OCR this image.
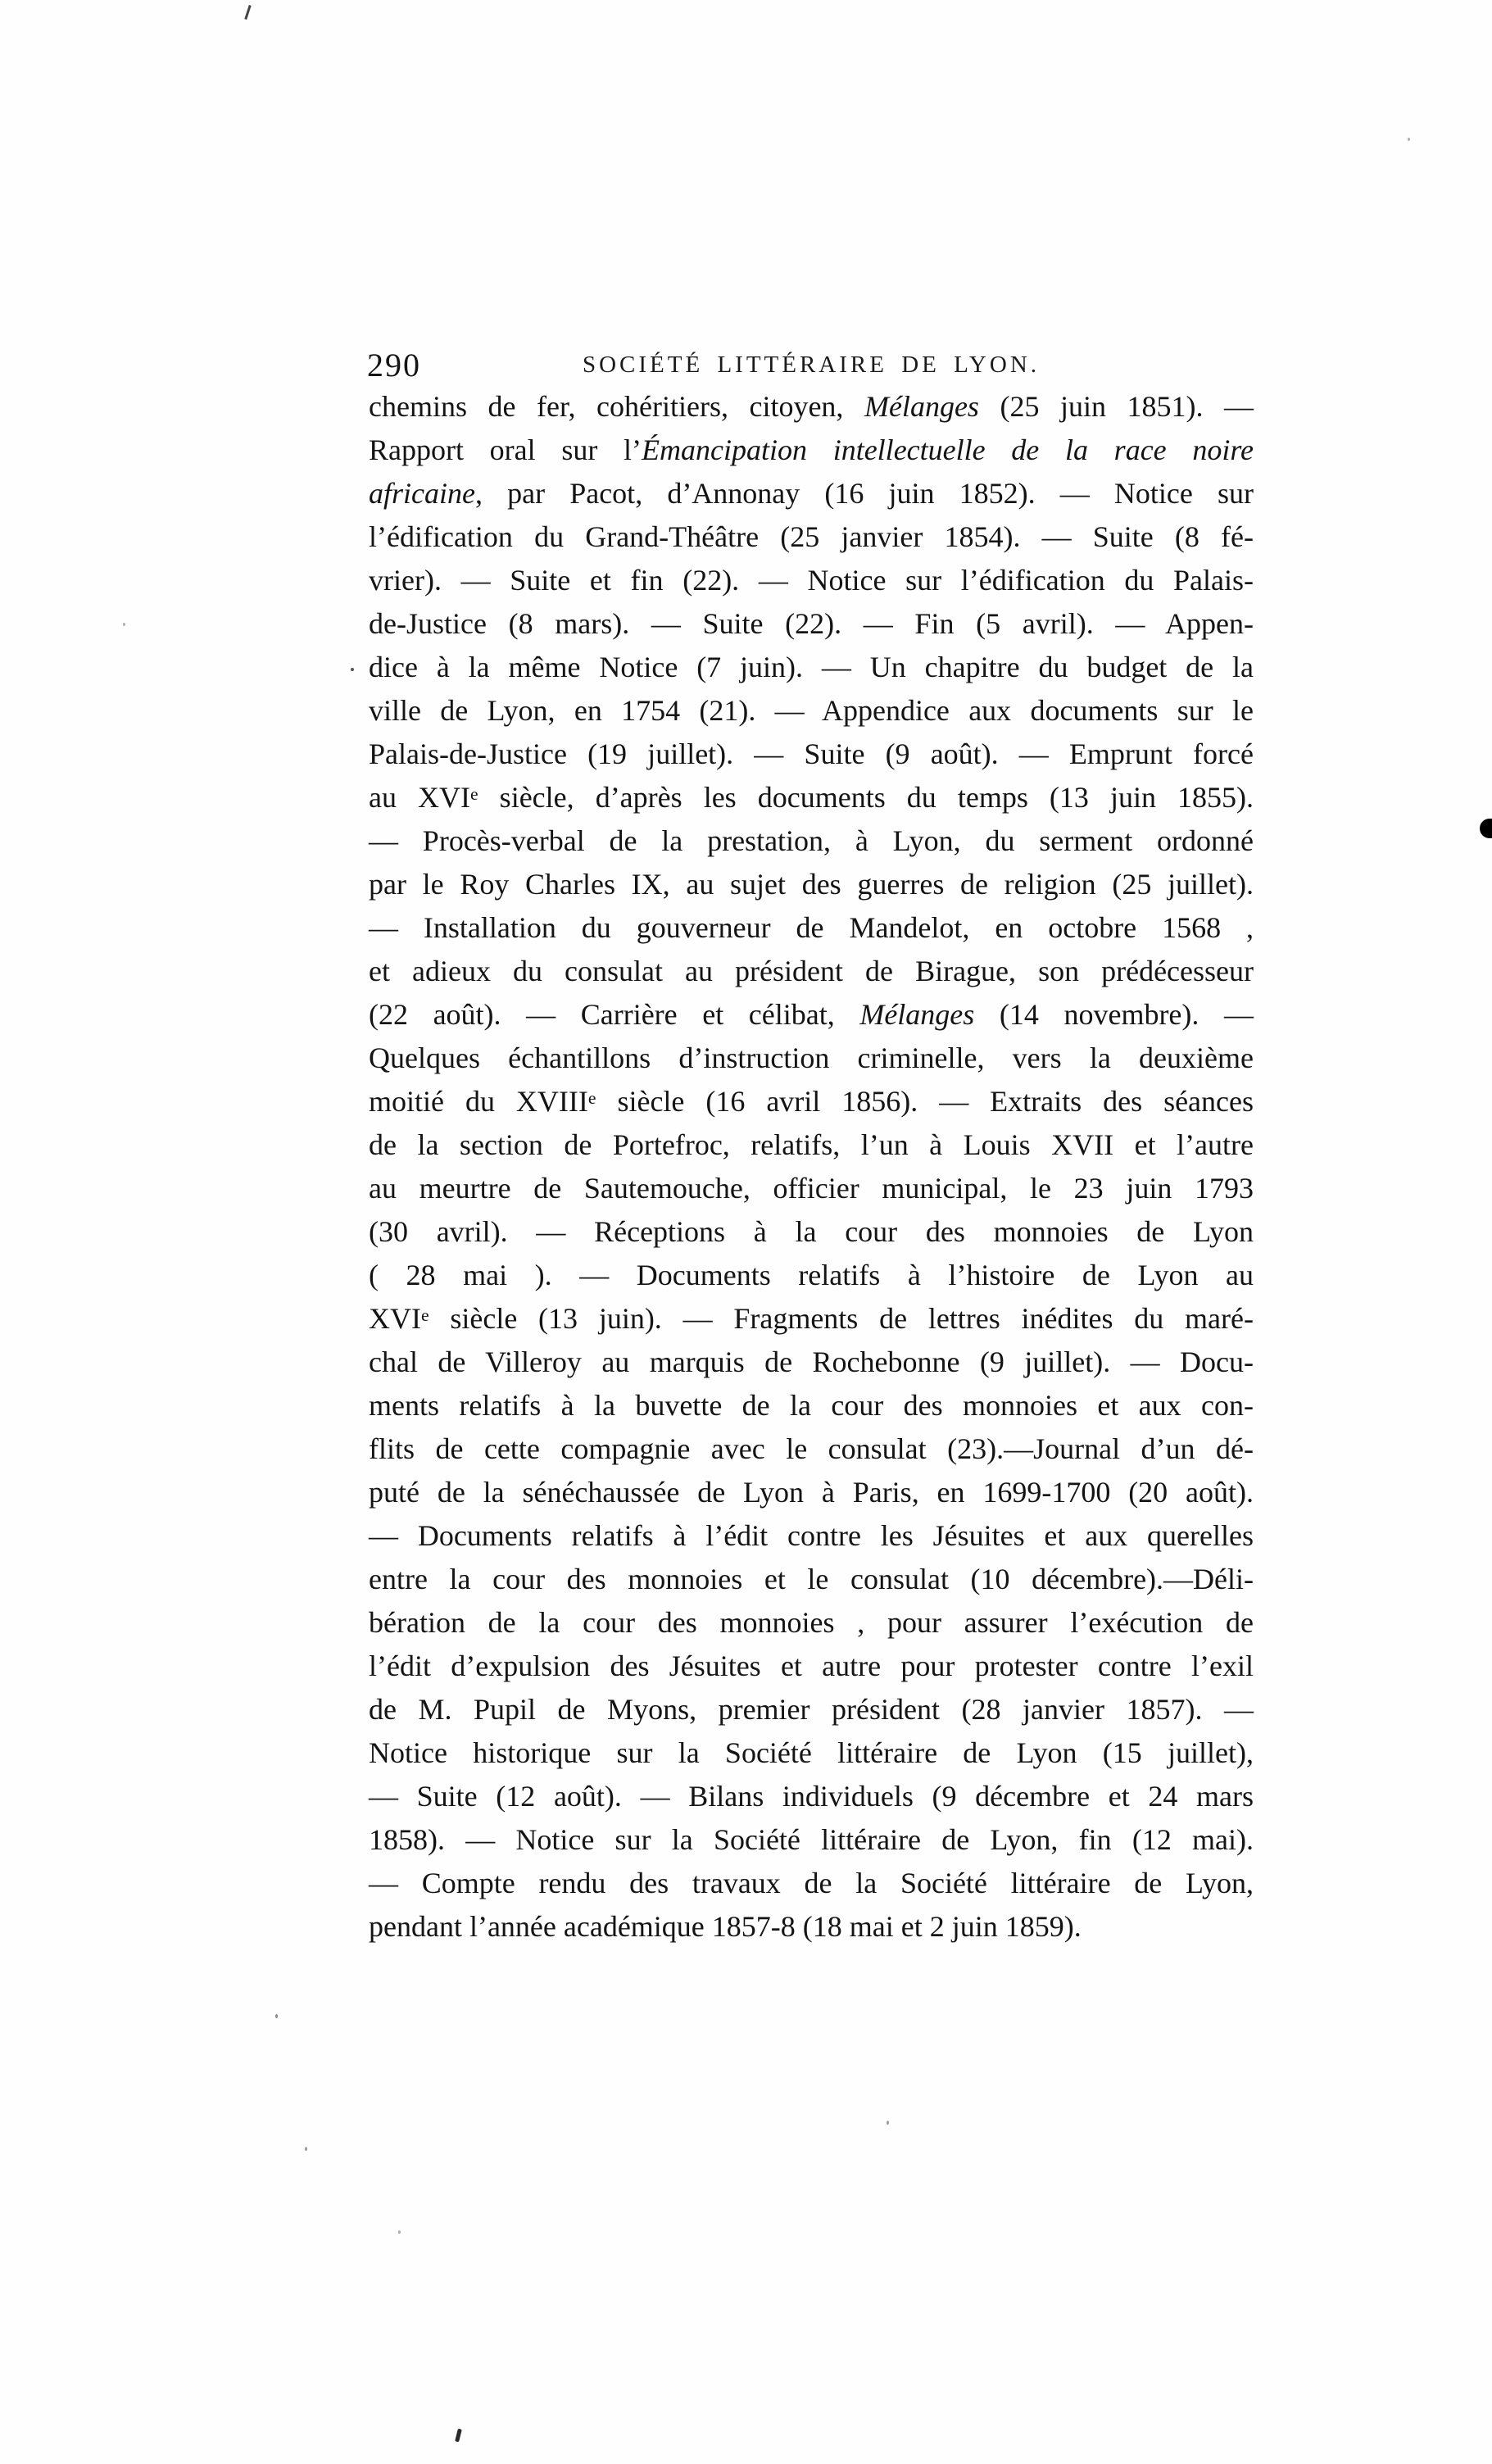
290	SOCIÉTÉ LITTÉRAIRE DE LYON.
chemins de fer, cohéritiers, citoyen, Mélanges (25 juin 1851). —
Rapport oral sur l’Émancipation intellectuelle de la race noire
africaine, par Pacot, d’Annonay (16 juin 1852). — Notice sur
l’édification du Grand-Théâtre (25 janvier 1854). — Suite (8 fé-
vrier). — Suite et fin (22). — Notice sur l’édification du Palais-
de-Justice (8 mars). — Suite (22). — Fin (5 avril). — Appen-
dice à la même Notice (7 juin). — Un chapitre du budget de la
ville de Lyon, en 1754 (21). — Appendice aux documents sur le
Palais-de-Justice (19 juillet). — Suite (9 août). — Emprunt forcé
au XVIe siècle, d’après les documents du temps (13 juin 1855).
— Procès-verbal de la prestation, à Lyon, du serment ordonné
par le Roy Charles IX, au sujet des guerres de religion (25 juillet).
— Installation du gouverneur de Mandelot, en octobre 1568 ,
et adieux du consulat au président de Birague, son prédécesseur
(22 août). — Carrière et célibat, Mélanges (14 novembre). —
Quelques échantillons d’instruction criminelle, vers la deuxième
moitié du XVIIIe siècle (16 avril 1856). — Extraits des séances
de la section de Portefroc, relatifs, l’un à Louis XVII et l’autre
au meurtre de Sautemouche, officier municipal, le 23 juin 1793
(30 avril). — Réceptions à la cour des monnoies de Lyon
( 28 mai ). — Documents relatifs à l’histoire de Lyon au
XVIe siècle (13 juin). — Fragments de lettres inédites du maré-
chal de Villeroy au marquis de Rochebonne (9 juillet). — Docu-
ments relatifs à la buvette de la cour des monnoies et aux con-
flits de cette compagnie avec le consulat (23).—Journal d’un dé-
puté de la sénéchaussée de Lyon à Paris, en 1699-1700 (20 août).
— Documents relatifs à l’édit contre les Jésuites et aux querelles
entre la cour des monnoies et le consulat (10 décembre).—Déli-
bération de la cour des monnoies , pour assurer l’exécution de
l’édit d’expulsion des Jésuites et autre pour protester contre l’exil
de M. Pupil de Myons, premier président (28 janvier 1857). —
Notice historique sur la Société littéraire de Lyon (15 juillet),
— Suite (12 août). — Bilans individuels (9 décembre et 24 mars
1858). — Notice sur la Société littéraire de Lyon, fin (12 mai).
— Compte rendu des travaux de la Société littéraire de Lyon,
pendant l’année académique 1857-8 (18 mai et 2 juin 1859).
